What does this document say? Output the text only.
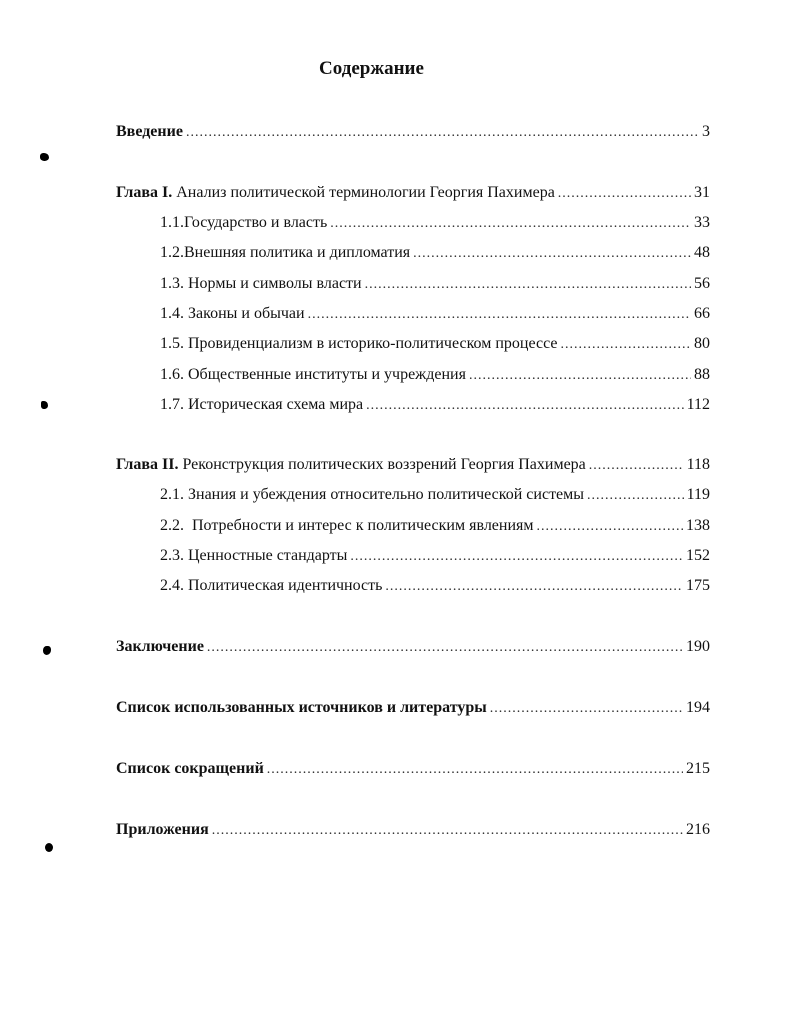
Содержание
Введение .....	3
Глава I. Анализ политической терминологии Георгия Пахимера .....	31
1.1.Государство и власть .....	33
1.2.Внешняя политика и дипломатия .....	48
1.3. Нормы и символы власти .....	56
1.4. Законы и обычаи .....	66
1.5. Провиденциализм в историко-политическом процессе .....	80
1.6. Общественные институты и учреждения .....	88
1.7. Историческая схема мира .....	112
Глава II. Реконструкция политических воззрений Георгия Пахимера .....	118
2.1. Знания и убеждения относительно политической системы .....	119
2.2.  Потребности и интерес к политическим явлениям .....	138
2.3. Ценностные стандарты .....	152
2.4. Политическая идентичность .....	175
Заключение .....	190
Список использованных источников и литературы .....	194
Список сокращений .....	215
Приложения .....	216
